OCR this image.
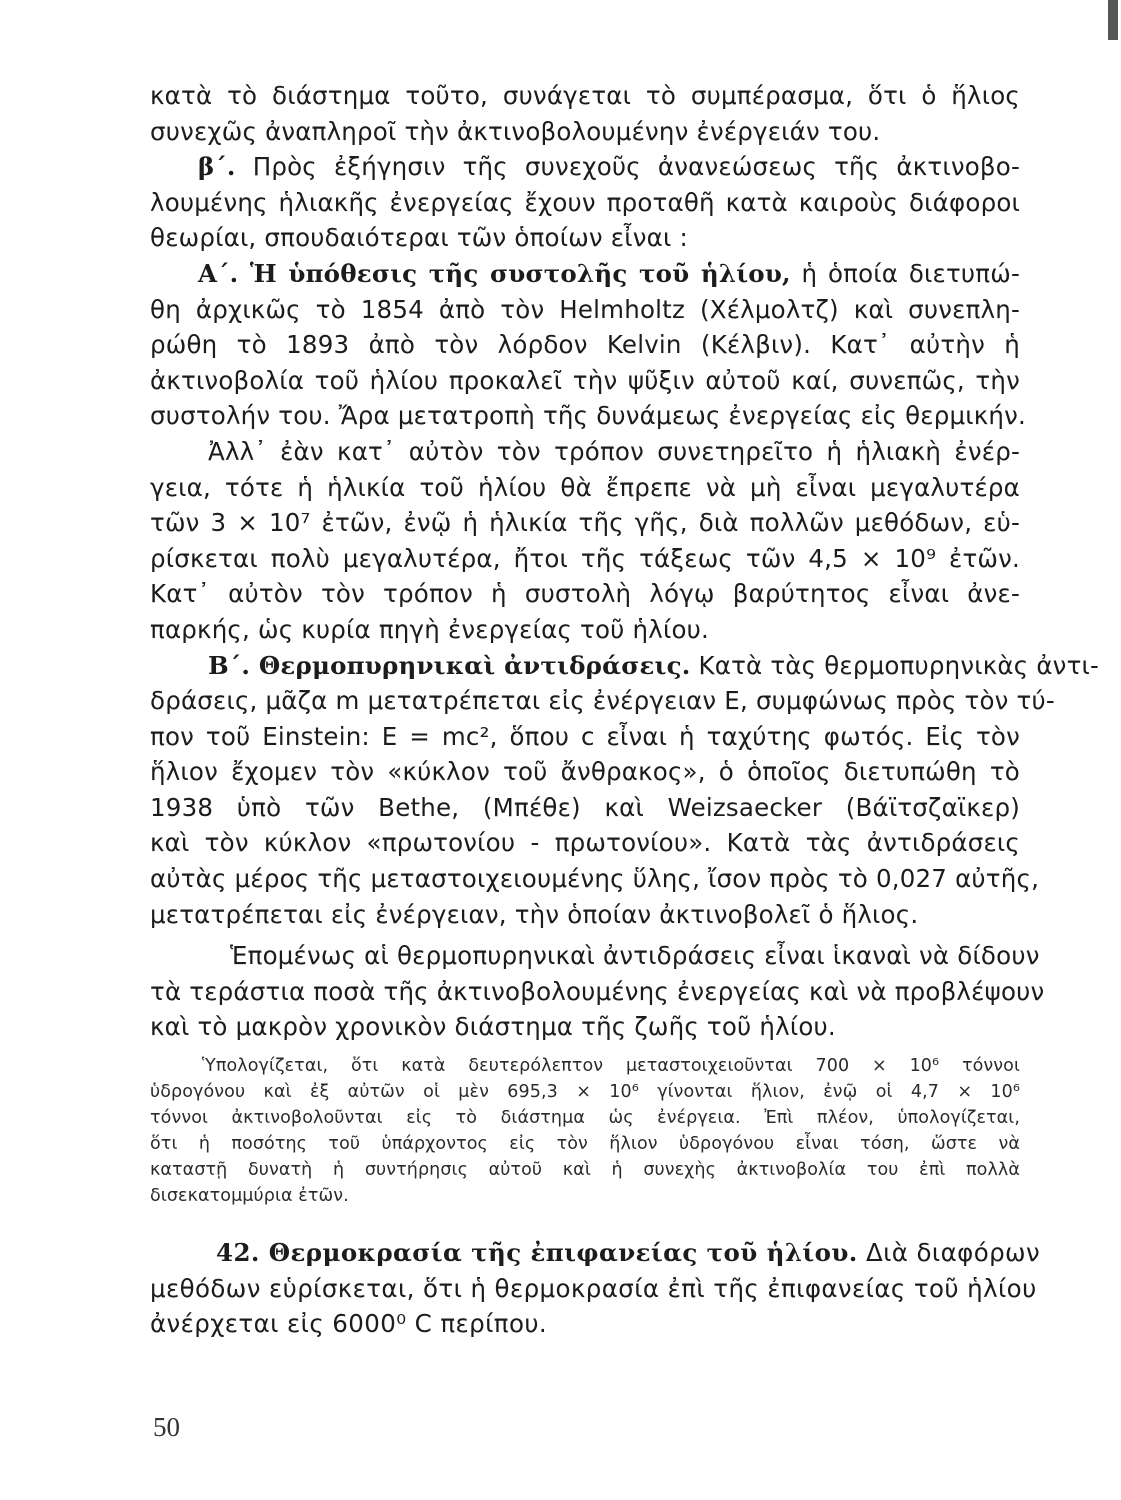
κατὰ τὸ διάστημα τοῦτο, συνάγεται τὸ συμπέρασμα, ὅτι ὁ ἥλιος
συνεχῶς ἀναπληροῖ τὴν ἀκτινοβολουμένην ἐνέργειάν του.
β΄. Πρὸς ἐξήγησιν τῆς συνεχοῦς ἀνανεώσεως τῆς ἀκτινοβο-
λουμένης ἡλιακῆς ἐνεργείας ἔχουν προταθῆ κατὰ καιροὺς διάφοροι
θεωρίαι, σπουδαιότεραι τῶν ὁποίων εἶναι :
Α΄. Ἡ ὑπόθεσις τῆς συστολῆς τοῦ ἡλίου, ἡ ὁποία διετυπώ-
θη ἀρχικῶς τὸ 1854 ἀπὸ τὸν Helmholtz (Χέλμολτζ) καὶ συνεπλη-
ρώθη τὸ 1893 ἀπὸ τὸν λόρδον Kelvin (Κέλβιν). Κατ᾽ αὐτὴν ἡ
ἀκτινοβολία τοῦ ἡλίου προκαλεῖ τὴν ψῦξιν αὐτοῦ καί, συνεπῶς, τὴν
συστολήν του. Ἄρα μετατροπὴ τῆς δυνάμεως ἐνεργείας εἰς θερμικήν.
Ἀλλ᾽ ἐὰν κατ᾽ αὐτὸν τὸν τρόπον συνετηρεῖτο ἡ ἡλιακὴ ἐνέρ-
γεια, τότε ἡ ἡλικία τοῦ ἡλίου θὰ ἔπρεπε νὰ μὴ εἶναι μεγαλυτέρα
τῶν 3 × 10⁷ ἐτῶν, ἐνῷ ἡ ἡλικία τῆς γῆς, διὰ πολλῶν μεθόδων, εὑ-
ρίσκεται πολὺ μεγαλυτέρα, ἤτοι τῆς τάξεως τῶν 4,5 × 10⁹ ἐτῶν.
Κατ᾽ αὐτὸν τὸν τρόπον ἡ συστολὴ λόγῳ βαρύτητος εἶναι ἀνε-
παρκής, ὡς κυρία πηγὴ ἐνεργείας τοῦ ἡλίου.
Β΄. Θερμοπυρηνικαὶ ἀντιδράσεις. Κατὰ τὰς θερμοπυρηνικὰς ἀντι-
δράσεις, μᾶζα m μετατρέπεται εἰς ἐνέργειαν Ε, συμφώνως πρὸς τὸν τύ-
πον τοῦ Einstein: E = mc², ὅπου c εἶναι ἡ ταχύτης φωτός. Εἰς τὸν
ἥλιον ἔχομεν τὸν «κύκλον τοῦ ἄνθρακος», ὁ ὁποῖος διετυπώθη τὸ
1938 ὑπὸ τῶν Bethe, (Μπέθε) καὶ Weizsaecker (Βάϊτσζαϊκερ)
καὶ τὸν κύκλον «πρωτονίου - πρωτονίου». Κατὰ τὰς ἀντιδράσεις
αὐτὰς μέρος τῆς μεταστοιχειουμένης ὕλης, ἴσον πρὸς τὸ 0,027 αὐτῆς,
μετατρέπεται εἰς ἐνέργειαν, τὴν ὁποίαν ἀκτινοβολεῖ ὁ ἥλιος.
Ἑπομένως αἱ θερμοπυρηνικαὶ ἀντιδράσεις εἶναι ἱκαναὶ νὰ δίδουν
τὰ τεράστια ποσὰ τῆς ἀκτινοβολουμένης ἐνεργείας καὶ νὰ προβλέψουν
καὶ τὸ μακρὸν χρονικὸν διάστημα τῆς ζωῆς τοῦ ἡλίου.
Ὑπολογίζεται, ὅτι κατὰ δευτερόλεπτον μεταστοιχειοῦνται 700 × 10⁶ τόννοι
ὑδρογόνου καὶ ἐξ αὐτῶν οἱ μὲν 695,3 × 10⁶ γίνονται ἥλιον, ἐνῷ οἱ 4,7 × 10⁶
τόννοι ἀκτινοβολοῦνται εἰς τὸ διάστημα ὡς ἐνέργεια. Ἐπὶ πλέον, ὑπολογίζεται,
ὅτι ἡ ποσότης τοῦ ὑπάρχοντος εἰς τὸν ἥλιον ὑδρογόνου εἶναι τόση, ὥστε νὰ
καταστῇ δυνατὴ ἡ συντήρησις αὐτοῦ καὶ ἡ συνεχὴς ἀκτινοβολία του ἐπὶ πολλὰ
δισεκατομμύρια ἐτῶν.
42. Θερμοκρασία τῆς ἐπιφανείας τοῦ ἡλίου. Διὰ διαφόρων
μεθόδων εὑρίσκεται, ὅτι ἡ θερμοκρασία ἐπὶ τῆς ἐπιφανείας τοῦ ἡλίου
ἀνέρχεται εἰς 6000⁰ C περίπου.
50
